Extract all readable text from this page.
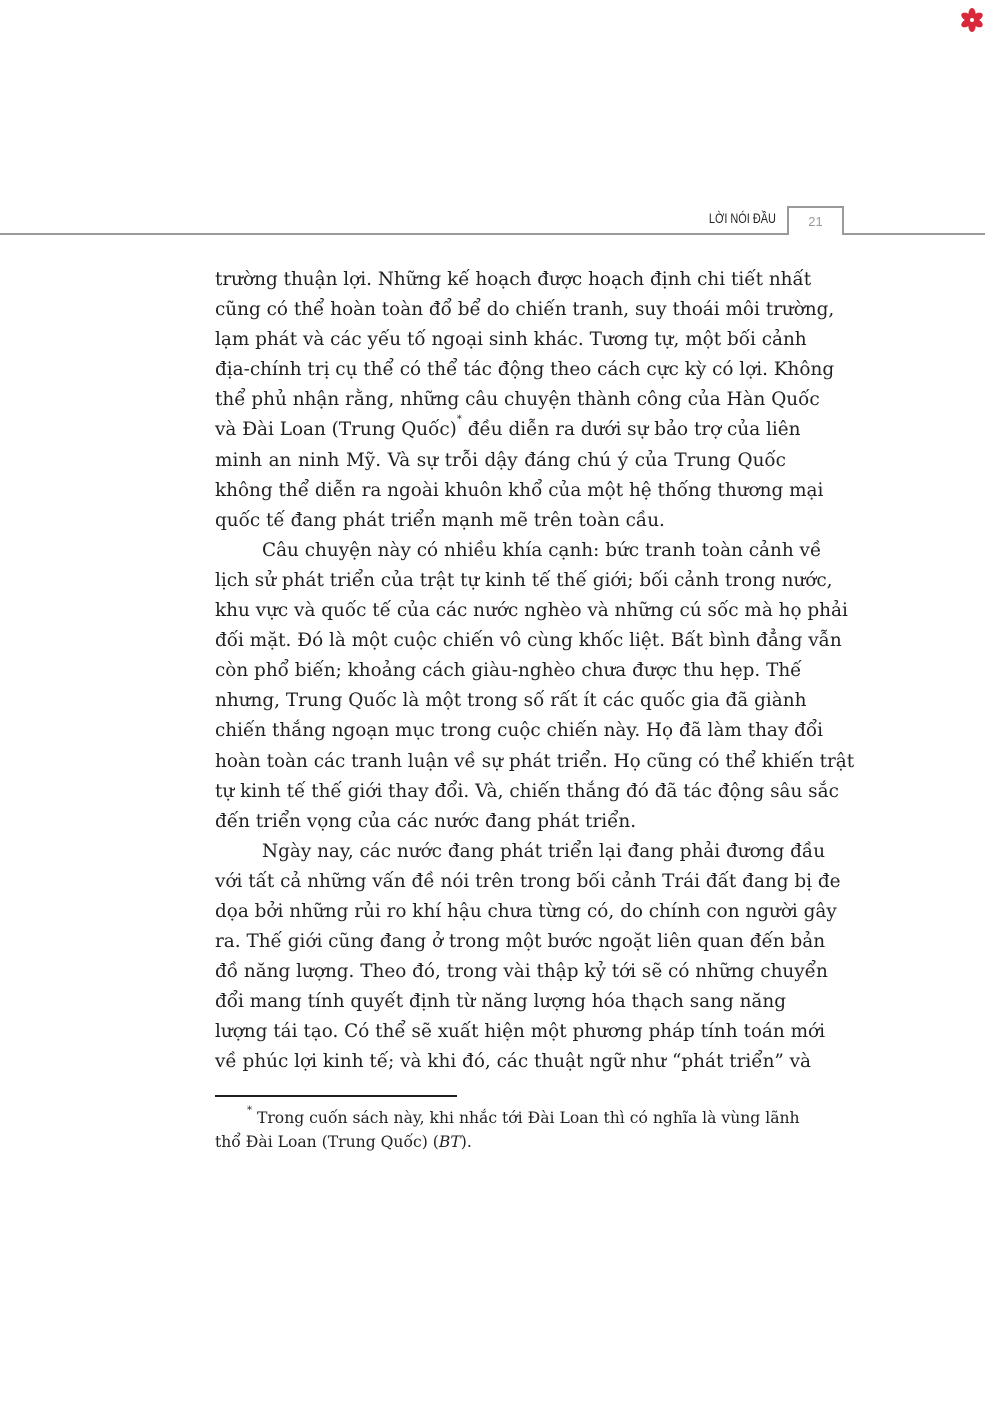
LỜI NÓI ĐẦU	21
trường thuận lợi. Những kế hoạch được hoạch định chi tiết nhất
cũng có thể hoàn toàn đổ bể do chiến tranh, suy thoái môi trường,
lạm phát và các yếu tố ngoại sinh khác. Tương tự, một bối cảnh
địa-chính trị cụ thể có thể tác động theo cách cực kỳ có lợi. Không
thể phủ nhận rằng, những câu chuyện thành công của Hàn Quốc
và Đài Loan (Trung Quốc)* đều diễn ra dưới sự bảo trợ của liên
minh an ninh Mỹ. Và sự trỗi dậy đáng chú ý của Trung Quốc
không thể diễn ra ngoài khuôn khổ của một hệ thống thương mại
quốc tế đang phát triển mạnh mẽ trên toàn cầu.
Câu chuyện này có nhiều khía cạnh: bức tranh toàn cảnh về
lịch sử phát triển của trật tự kinh tế thế giới; bối cảnh trong nước,
khu vực và quốc tế của các nước nghèo và những cú sốc mà họ phải
đối mặt. Đó là một cuộc chiến vô cùng khốc liệt. Bất bình đẳng vẫn
còn phổ biến; khoảng cách giàu-nghèo chưa được thu hẹp. Thế
nhưng, Trung Quốc là một trong số rất ít các quốc gia đã giành
chiến thắng ngoạn mục trong cuộc chiến này. Họ đã làm thay đổi
hoàn toàn các tranh luận về sự phát triển. Họ cũng có thể khiến trật
tự kinh tế thế giới thay đổi. Và, chiến thắng đó đã tác động sâu sắc
đến triển vọng của các nước đang phát triển.
Ngày nay, các nước đang phát triển lại đang phải đương đầu
với tất cả những vấn đề nói trên trong bối cảnh Trái đất đang bị đe
dọa bởi những rủi ro khí hậu chưa từng có, do chính con người gây
ra. Thế giới cũng đang ở trong một bước ngoặt liên quan đến bản
đồ năng lượng. Theo đó, trong vài thập kỷ tới sẽ có những chuyển
đổi mang tính quyết định từ năng lượng hóa thạch sang năng
lượng tái tạo. Có thể sẽ xuất hiện một phương pháp tính toán mới
về phúc lợi kinh tế; và khi đó, các thuật ngữ như “phát triển” và
* Trong cuốn sách này, khi nhắc tới Đài Loan thì có nghĩa là vùng lãnh
thổ Đài Loan (Trung Quốc) (BT).
